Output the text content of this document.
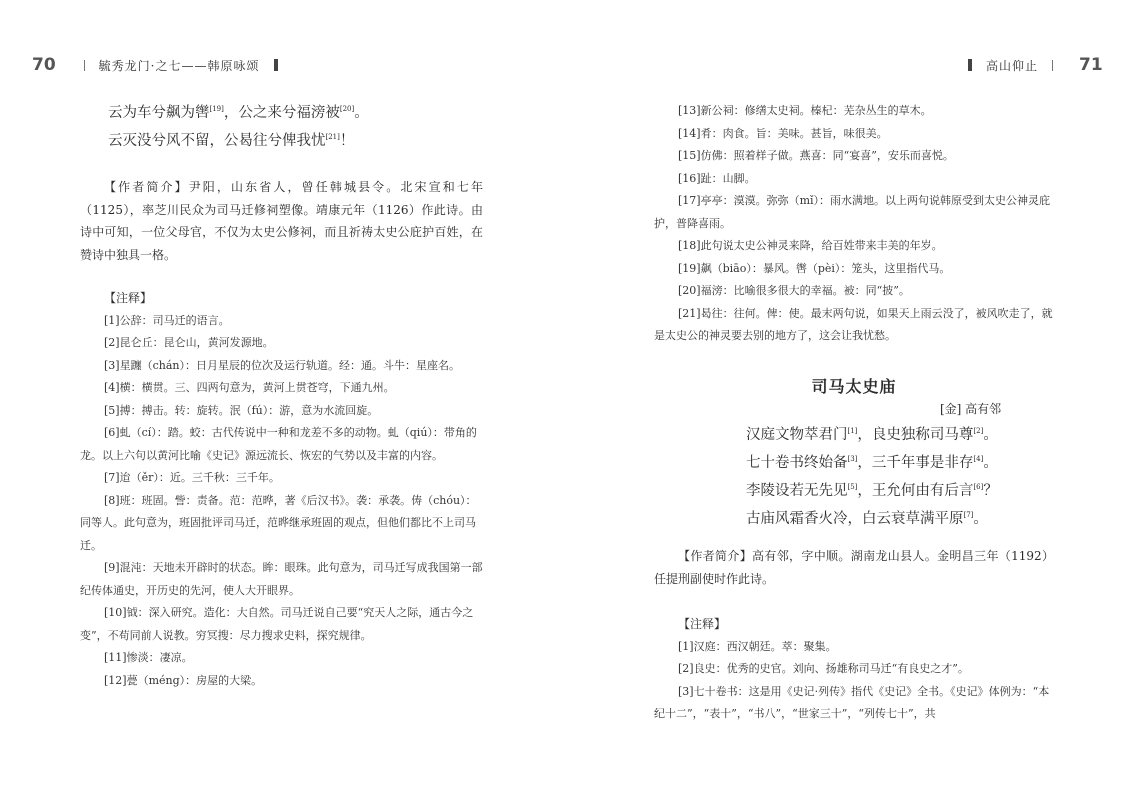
70	毓秀龙门·之七——韩原咏颂
云为车兮飙为辔[19]，公之来兮福滂被[20]。
云灭没兮风不留，公曷往兮俾我忧[21]！
【作者简介】尹阳，山东省人，曾任韩城县令。北宋宣和七年（1125），率芝川民众为司马迁修祠塑像。靖康元年（1126）作此诗。由诗中可知，一位父母官，不仅为太史公修祠，而且祈祷太史公庇护百姓，在赞诗中独具一格。
【注释】
[1]公辞：司马迁的语言。
[2]昆仑丘：昆仑山，黄河发源地。
[3]星躔（chán）：日月星辰的位次及运行轨道。经：通。斗牛：星座名。
[4]横：横贯。三、四两句意为，黄河上贯苍穹，下通九州。
[5]搏：搏击。转：旋转。泯（fú）：游，意为水流回旋。
[6]虬（cí）：踏。蛟：古代传说中一种和龙差不多的动物。虬（qiú）：带角的龙。以上六句以黄河比喻《史记》源远流长、恢宏的气势以及丰富的内容。
[7]迨（ěr）：近。三千秋：三千年。
[8]班：班固。訾：责备。范：范晔，著《后汉书》。袭：承袭。俦（chóu）：同等人。此句意为，班固批评司马迁，范晔继承班固的观点，但他们都比不上司马迁。
[9]混沌：天地未开辟时的状态。眸：眼珠。此句意为，司马迁写成我国第一部纪传体通史，开历史的先河，使人大开眼界。
[10]钺：深入研究。造化：大自然。司马迁说自己要“究天人之际，通古今之变”，不苟同前人说教。穷冥搜：尽力搜求史料，探究规律。
[11]惨淡：凄凉。
[12]甍（méng）：房屋的大梁。
高山仰止 71
[13]新公祠：修缮太史祠。榛杞：芜杂丛生的草木。
[14]肴：肉食。旨：美味。甚旨，味很美。
[15]仿佛：照着样子做。燕喜：同“宴喜”，安乐而喜悦。
[16]趾：山脚。
[17]亭亭：漠漠。弥弥（mǐ）：雨水满地。以上两句说韩原受到太史公神灵庇护，普降喜雨。
[18]此句说太史公神灵来降，给百姓带来丰美的年岁。
[19]飙（biāo）：暴风。辔（pèi）：笼头，这里指代马。
[20]福滂：比喻很多很大的幸福。被：同“披”。
[21]曷往：往何。俾：使。最末两句说，如果天上雨云没了，被风吹走了，就是太史公的神灵要去别的地方了，这会让我忧愁。
司马太史庙
[金] 高有邻
汉庭文物萃君门[1]，良史独称司马尊[2]。
七十卷书终始备[3]，三千年事是非存[4]。
李陵设若无先见[5]，王允何由有后言[6]？
古庙风霜香火冷，白云衰草满平原[7]。
【作者简介】高有邻，字中顺。湖南龙山县人。金明昌三年（1192）任提刑副使时作此诗。
【注释】
[1]汉庭：西汉朝廷。萃：聚集。
[2]良史：优秀的史官。刘向、扬雄称司马迁“有良史之才”。
[3]七十卷书：这是用《史记·列传》指代《史记》全书。《史记》体例为：“本纪十二”，“表十”，“书八”，“世家三十”，“列传七十”，共
